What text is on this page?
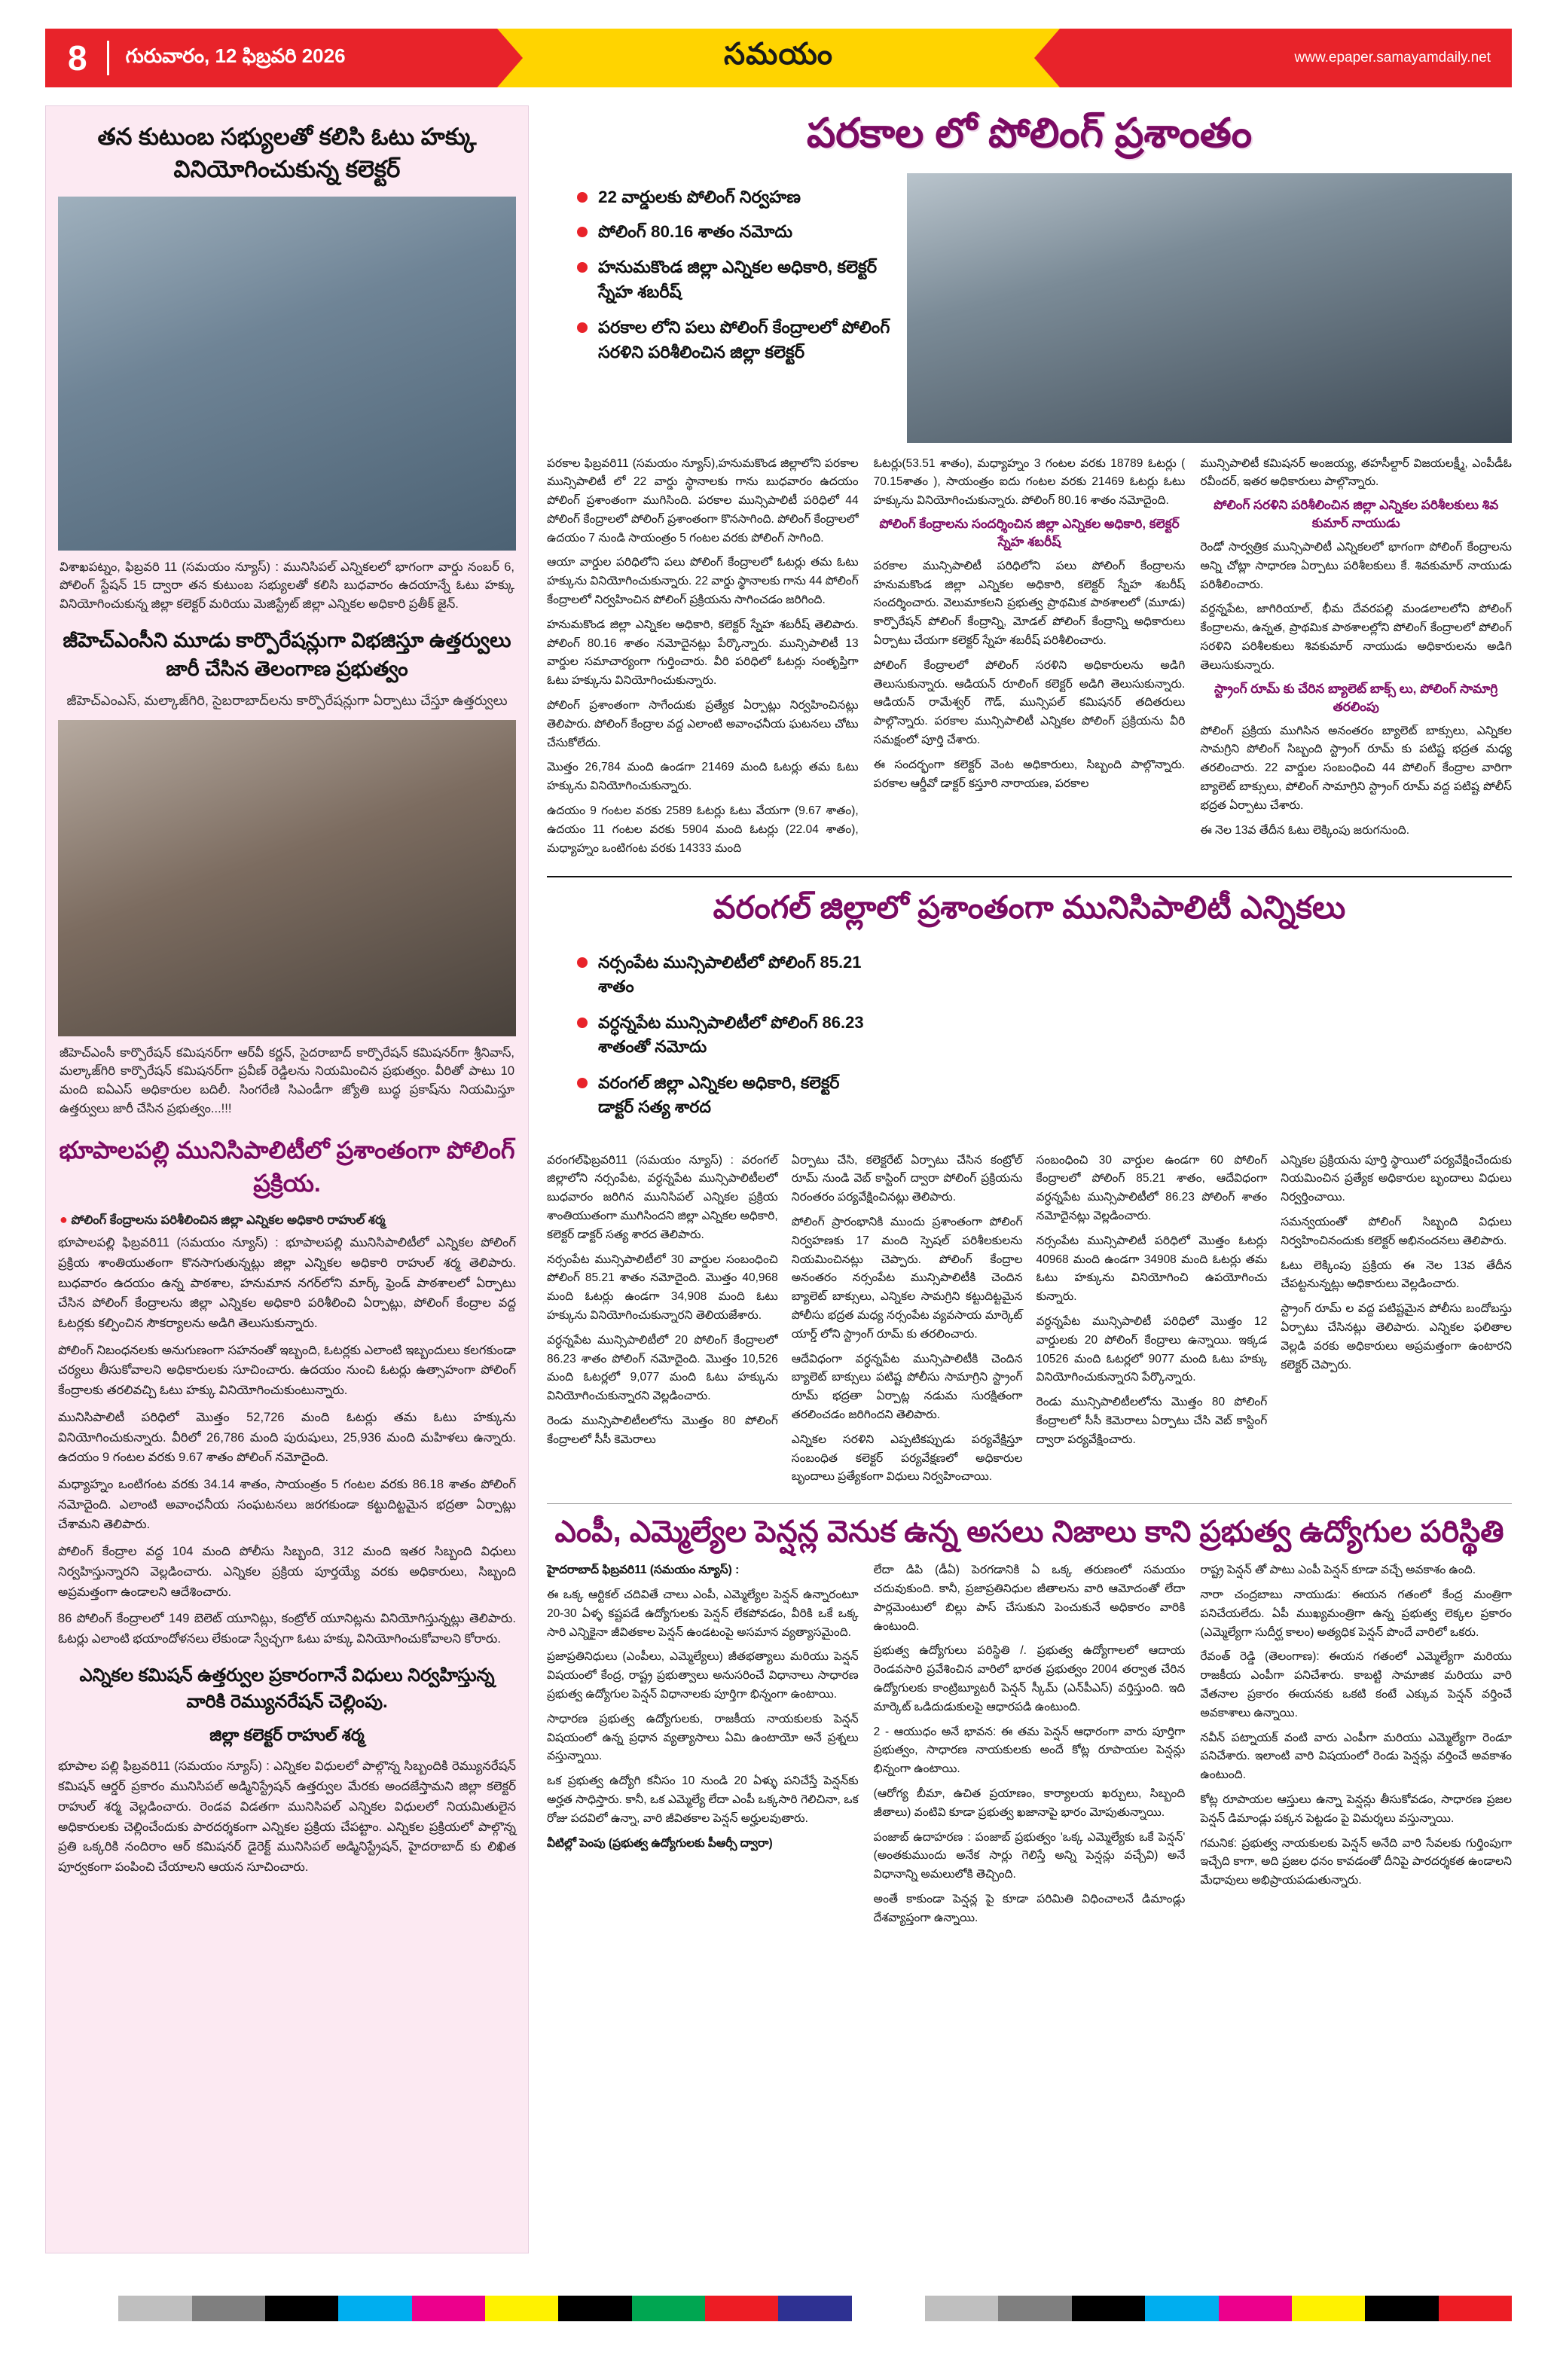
8	గురువారం, 12 ఫిబ్రవరి 2026	సమయం	www.epaper.samayamdaily.net
తన కుటుంబ సభ్యులతో కలిసి ఓటు హక్కు వినియోగించుకున్న కలెక్టర్
విశాఖపట్నం, ఫిబ్రవరి 11 (సమయం న్యూస్) : మునిసిపల్ ఎన్నికలలో భాగంగా వార్డు నంబర్ 6, పోలింగ్ స్టేషన్ 15 ద్వారా తన కుటుంబ సభ్యులతో కలిసి బుధవారం ఉదయాన్నే ఓటు హక్కు వినియోగించుకున్న జిల్లా కలెక్టర్ మరియు మెజిస్ట్రేట్ జిల్లా ఎన్నికల అధికారి ప్రతీక్ జైన్.
జీహెచ్‌ఎంసీని మూడు కార్పొరేషన్లుగా విభజిస్తూ ఉత్తర్వులు జారీ చేసిన తెలంగాణ ప్రభుత్వం
జీహెచ్‌ఎంఎస్, మల్కాజ్‌గిరి, సైబరాబాద్‌లను కార్పొరేషన్లుగా ఏర్పాటు చేస్తూ ఉత్తర్వులు
జీహెచ్‌ఎంసీ కార్పొరేషన్ కమిషనర్‌గా ఆర్‌వీ కర్ణన్, సైదరాబాద్ కార్పొరేషన్ కమిషనర్‌గా శ్రీనివాస్, మల్కాజ్‌గిరి కార్పొరేషన్ కమిషనర్‌గా ప్రవీణ్ రెడ్డిలను నియమించిన ప్రభుత్వం. వీరితో పాటు 10 మంది ఐఏఎస్ అధికారుల బదిలీ. సింగరేణి సిఎండీగా జ్యోతి బుద్ధ ప్రకాష్‌ను నియమిస్తూ ఉత్తర్వులు జారీ చేసిన ప్రభుత్వం...!!!
భూపాలపల్లి మునిసిపాలిటీలో ప్రశాంతంగా పోలింగ్ ప్రక్రియ.
● పోలింగ్ కేంద్రాలను పరిశీలించిన జిల్లా ఎన్నికల అధికారి రాహుల్ శర్మ

భూపాలపల్లి ఫిబ్రవరి11 (సమయం న్యూస్) : భూపాలపల్లి మునిసిపాలిటీలో ఎన్నికల పోలింగ్ ప్రక్రియ శాంతియుతంగా కొనసాగుతున్నట్లు జిల్లా ఎన్నికల అధికారి రాహుల్ శర్మ తెలిపారు. బుధవారం ఉదయం ఉన్న పాఠశాల, హనుమాన నగర్‌లోని మార్క్ ఫ్రెండ్ పాఠశాలలో ఏర్పాటు చేసిన పోలింగ్ కేంద్రాలను జిల్లా ఎన్నికల అధికారి పరిశీలించి ఏర్పాట్లు, పోలింగ్ కేంద్రాల వద్ద ఓటర్లకు కల్పించిన సౌకర్యాలను అడిగి తెలుసుకున్నారు.

పోలింగ్ నిబంధనలకు అనుగుణంగా సహనంతో ఇబ్బంది, ఓటర్లకు ఎలాంటి ఇబ్బందులు కలగకుండా చర్యలు తీసుకోవాలని అధికారులకు సూచించారు. ఉదయం నుంచి ఓటర్లు ఉత్సాహంగా పోలింగ్ కేంద్రాలకు తరలివచ్చి ఓటు హక్కు వినియోగించుకుంటున్నారు.

మునిసిపాలిటీ పరిధిలో మొత్తం 52,726 మంది ఓటర్లు తమ ఓటు హక్కును వినియోగించుకున్నారు. వీరిలో 26,786 మంది పురుషులు, 25,936 మంది మహిళలు ఉన్నారు. ఉదయం 9 గంటల వరకు 9.67 శాతం పోలింగ్ నమోదైంది.

మధ్యాహ్నం ఒంటిగంట వరకు 34.14 శాతం, సాయంత్రం 5 గంటల వరకు 86.18 శాతం పోలింగ్ నమోదైంది. ఎలాంటి అవాంఛనీయ సంఘటనలు జరగకుండా కట్టుదిట్టమైన భద్రతా ఏర్పాట్లు చేశామని తెలిపారు.

పోలింగ్ కేంద్రాల వద్ద 104 మంది పోలీసు సిబ్బంది, 312 మంది ఇతర సిబ్బంది విధులు నిర్వహిస్తున్నారని వెల్లడించారు. ఎన్నికల ప్రక్రియ పూర్తయ్యే వరకు అధికారులు, సిబ్బంది అప్రమత్తంగా ఉండాలని ఆదేశించారు.

86 పోలింగ్ కేంద్రాలలో 149 బెలెట్ యూనిట్లు, కంట్రోల్ యూనిట్లను వినియోగిస్తున్నట్లు తెలిపారు. ఓటర్లు ఎలాంటి భయాందోళనలు లేకుండా స్వేచ్ఛగా ఓటు హక్కు వినియోగించుకోవాలని కోరారు.

ఎన్నికల కమిషన్ ఉత్తర్వుల ప్రకారంగానే విధులు నిర్వహిస్తున్న వారికి రెమ్యునరేషన్ చెల్లింపు.
జిల్లా కలెక్టర్ రాహుల్ శర్మ

భూపాల పల్లి ఫిబ్రవరి11 (సమయం న్యూస్) : ఎన్నికల విధులలో పాల్గొన్న సిబ్బందికి రెమ్యునరేషన్ కమిషన్ ఆర్డర్ ప్రకారం మునిసిపల్ అడ్మినిస్ట్రేషన్ ఉత్తర్వుల మేరకు అందజేస్తామని జిల్లా కలెక్టర్ రాహుల్ శర్మ వెల్లడించారు. రెండవ విడతగా మునిసిపల్ ఎన్నికల విధులలో నియమితులైన అధికారులకు చెల్లించేందుకు పారదర్శకంగా ఎన్నికల ప్రక్రియ చేపట్టాం. ఎన్నికల ప్రక్రియలో పాల్గొన్న ప్రతి ఒక్కరికి నందిరాం ఆర్ కమిషనర్ డైరెక్ట్ మునిసిపల్ అడ్మినిస్ట్రేషన్, హైదరాబాద్ కు లిఖిత పూర్వకంగా పంపించి చేయాలని ఆయన సూచించారు.

పరకాల లో పోలింగ్ ప్రశాంతం
22 వార్డులకు పోలింగ్ నిర్వహణ
పోలింగ్ 80.16 శాతం నమోదు
హనుమకొండ జిల్లా ఎన్నికల అధికారి, కలెక్టర్ స్నేహ శబరీష్
పరకాల లోని పలు పోలింగ్ కేంద్రాలలో పోలింగ్ సరళిని పరిశీలించిన జిల్లా కలెక్టర్

పరకాల ఫిబ్రవరి11 (సమయం న్యూస్),హనుమకొండ జిల్లాలోని పరకాల మున్సిపాలిటీ లో 22 వార్డు స్థానాలకు గాను బుధవారం ఉదయం పోలింగ్ ప్రశాంతంగా ముగిసింది. పరకాల మున్సిపాలిటీ పరిధిలో 44 పోలింగ్ కేంద్రాలలో పోలింగ్ ప్రశాంతంగా కొనసాగింది. పోలింగ్ కేంద్రాలలో ఉదయం 7 నుండి సాయంత్రం 5 గంటల వరకు పోలింగ్ సాగింది.

ఆయా వార్డుల పరిధిలోని పలు పోలింగ్ కేంద్రాలలో ఓటర్లు తమ ఓటు హక్కును వినియోగించుకున్నారు. 22 వార్డు స్థానాలకు గాను 44 పోలింగ్ కేంద్రాలలో నిర్వహించిన పోలింగ్ ప్రక్రియను సాగించడం జరిగింది.

హనుమకొండ జిల్లా ఎన్నికల అధికారి, కలెక్టర్ స్నేహ శబరీష్ తెలిపారు. పోలింగ్ 80.16 శాతం నమోదైనట్లు పేర్కొన్నారు. మున్సిపాలిటీ 13 వార్డుల సమాచార్యంగా గుర్తించారు. వీరి పరిధిలో ఓటర్లు సంతృప్తిగా ఓటు హక్కును వినియోగించుకున్నారు.

పోలింగ్ ప్రశాంతంగా సాగేందుకు ప్రత్యేక ఏర్పాట్లు నిర్వహించినట్లు తెలిపారు. పోలింగ్ కేంద్రాల వద్ద ఎలాంటి అవాంఛనీయ ఘటనలు చోటు చేసుకోలేదు.

మొత్తం 26,784 మంది ఉండగా 21469 మంది ఓటర్లు తమ ఓటు హక్కును వినియోగించుకున్నారు.

ఉదయం 9 గంటల వరకు 2589 ఓటర్లు ఓటు వేయగా (9.67 శాతం), ఉదయం 11 గంటల వరకు 5904 మంది ఓటర్లు (22.04 శాతం), మధ్యాహ్నం ఒంటిగంట వరకు 14333 మంది

ఓటర్లు(53.51 శాతం), మధ్యాహ్నం 3 గంటల వరకు 18789 ఓటర్లు ( 70.15శాతం ), సాయంత్రం ఐదు గంటల వరకు 21469 ఓటర్లు ఓటు హక్కును వినియోగించుకున్నారు. పోలింగ్ 80.16 శాతం నమోదైంది.

పోలింగ్ కేంద్రాలను సందర్శించిన జిల్లా ఎన్నికల అధికారి, కలెక్టర్ స్నేహ శబరీష్

పరకాల మున్సిపాలిటీ పరిధిలోని పలు పోలింగ్ కేంద్రాలను హనుమకొండ జిల్లా ఎన్నికల అధికారి, కలెక్టర్ స్నేహ శబరీష్ సందర్శించారు. వెలుమాకలని ప్రభుత్వ ప్రాథమిక పాఠశాలలో (మూడు) కార్పొరేషన్ పోలింగ్ కేంద్రాన్ని, మోడల్ పోలింగ్ కేంద్రాన్ని అధికారులు ఏర్పాటు చేయగా కలెక్టర్ స్నేహ శబరీష్ పరిశీలించారు.

పోలింగ్ కేంద్రాలలో పోలింగ్ సరళిని అధికారులను అడిగి తెలుసుకున్నారు. ఆడియన్ రూలింగ్ కలెక్టర్ అడిగి తెలుసుకున్నారు. ఆడియన్ రామేశ్వర్ గౌడ్, మున్సిపల్ కమిషనర్ తదితరులు పాల్గొన్నారు. పరకాల మున్సిపాలిటీ ఎన్నికల పోలింగ్ ప్రక్రియను వీరి సమక్షంలో పూర్తి చేశారు.

ఈ సందర్భంగా కలెక్టర్ వెంట అధికారులు, సిబ్బంది పాల్గొన్నారు. పరకాల ఆర్డీవో డాక్టర్ కస్తూరి నారాయణ, పరకాల

మున్సిపాలిటీ కమిషనర్ అంజయ్య, తహసీల్దార్ విజయలక్ష్మీ, ఎంపీడీఓ రవీందర్, ఇతర అధికారులు పాల్గొన్నారు.

పోలింగ్ సరళిని పరిశీలించిన జిల్లా ఎన్నికల పరిశీలకులు శివ కుమార్ నాయుడు

రెండో సార్వత్రిక మున్సిపాలిటీ ఎన్నికలలో భాగంగా పోలింగ్ కేంద్రాలను అన్ని చోట్లా సాధారణ ఏర్పాటు పరిశీలకులు కే. శివకుమార్ నాయుడు పరిశీలించారు.

వర్దన్నపేట, జాగిరియాల్, భీమ దేవరపల్లి మండలాలలోని పోలింగ్ కేంద్రాలను, ఉన్నత, ప్రాథమిక పాఠశాలల్లోని పోలింగ్ కేంద్రాలలో పోలింగ్ సరళిని పరిశీలకులు శివకుమార్ నాయుడు అధికారులను అడిగి తెలుసుకున్నారు.

స్ట్రాంగ్ రూమ్ కు చేరిన బ్యాలెట్ బాక్స్ లు, పోలింగ్ సామాగ్రి తరలింపు

పోలింగ్ ప్రక్రియ ముగిసిన అనంతరం బ్యాలెట్ బాక్సులు, ఎన్నికల సామగ్రిని పోలింగ్ సిబ్బంది స్ట్రాంగ్ రూమ్ కు పటిష్ట భద్రత మధ్య తరలించారు. 22 వార్డుల సంబంధించి 44 పోలింగ్ కేంద్రాల వారిగా బ్యాలెట్ బాక్సులు, పోలింగ్ సామాగ్రిని స్ట్రాంగ్ రూమ్ వద్ద పటిష్ట పోలీస్ భద్రత ఏర్పాటు చేశారు.

ఈ నెల 13వ తేదీన ఓటు లెక్కింపు జరుగనుంది.

వరంగల్ జిల్లాలో ప్రశాంతంగా మునిసిపాలిటీ ఎన్నికలు
నర్సంపేట మున్సిపాలిటీలో పోలింగ్ 85.21 శాతం
వర్ధన్నపేట మున్సిపాలిటీలో పోలింగ్ 86.23 శాతంతో నమోదు
వరంగల్ జిల్లా ఎన్నికల అధికారి, కలెక్టర్ డాక్టర్ సత్య శారద

వరంగల్‌ఫిబ్రవరి11 (సమయం న్యూస్) : వరంగల్ జిల్లాలోని నర్సంపేట, వర్ధన్నపేట మున్సిపాలిటీలలో బుధవారం జరిగిన మునిసిపల్ ఎన్నికల ప్రక్రియ శాంతియుతంగా ముగిసిందని జిల్లా ఎన్నికల అధికారి, కలెక్టర్ డాక్టర్ సత్య శారద తెలిపారు.

నర్సంపేట మున్సిపాలిటీలో 30 వార్డుల సంబంధించి పోలింగ్ 85.21 శాతం నమోదైంది. మొత్తం 40,968 మంది ఓటర్లు ఉండగా 34,908 మంది ఓటు హక్కును వినియోగించుకున్నారని తెలియజేశారు.

వర్ధన్నపేట మున్సిపాలిటీలో 20 పోలింగ్ కేంద్రాలలో 86.23 శాతం పోలింగ్ నమోదైంది. మొత్తం 10,526 మంది ఓటర్లలో 9,077 మంది ఓటు హక్కును వినియోగించుకున్నారని వెల్లడించారు.

రెండు మున్సిపాలిటీలలోను మొత్తం 80 పోలింగ్ కేంద్రాలలో సీసీ కెమెరాలు

ఏర్పాటు చేసి, కలెక్టరేట్ ఏర్పాటు చేసిన కంట్రోల్ రూమ్ నుండి వెబ్ కాస్టింగ్ ద్వారా పోలింగ్ ప్రక్రియను నిరంతరం పర్యవేక్షించినట్లు తెలిపారు.

పోలింగ్ ప్రారంభానికి ముందు ప్రశాంతంగా పోలింగ్ నిర్వహణకు 17 మంది స్పెషల్ పరిశీలకులను నియమించినట్లు చెప్పారు. పోలింగ్ కేంద్రాల అనంతరం నర్సంపేట మున్సిపాలిటీకి చెందిన బ్యాలెట్ బాక్సులు, ఎన్నికల సామగ్రిని కట్టుదిట్టమైన పోలీసు భద్రత మధ్య నర్సంపేట వ్యవసాయ మార్కెట్ యార్డ్ లోని స్ట్రాంగ్ రూమ్ కు తరలించారు.

ఆదేవిధంగా వర్ధన్నపేట మున్సిపాలిటీకి చెందిన బ్యాలెట్ బాక్సులు పటిష్ట పోలీసు సామాగ్రిని స్ట్రాంగ్ రూమ్ భద్రతా ఏర్పాట్ల నడుమ సురక్షితంగా తరలించడం జరిగిందని తెలిపారు.

ఎన్నికల సరళిని ఎప్పటికప్పుడు పర్యవేక్షిస్తూ సంబంధిత కలెక్టర్ పర్యవేక్షణలో అధికారుల బృందాలు ప్రత్యేకంగా విధులు నిర్వహించాయి.

సంబంధించి 30 వార్డుల ఉండగా 60 పోలింగ్ కేంద్రాలలో పోలింగ్ 85.21 శాతం, ఆదేవిధంగా వర్ధన్నపేట మున్సిపాలిటీలో 86.23 పోలింగ్ శాతం నమోదైనట్లు వెల్లడించారు.

నర్సంపేట మున్సిపాలిటీ పరిధిలో మొత్తం ఓటర్లు 40968 మంది ఉండగా 34908 మంది ఓటర్లు తమ ఓటు హక్కును వినియోగించి ఉపయోగించు కున్నారు.

వర్ధన్నపేట మున్సిపాలిటీ పరిధిలో మొత్తం 12 వార్డులకు 20 పోలింగ్ కేంద్రాలు ఉన్నాయి. ఇక్కడ 10526 మంది ఓటర్లలో 9077 మంది ఓటు హక్కు వినియోగించుకున్నారని పేర్కొన్నారు.

రెండు మున్సిపాలిటీలలోను మొత్తం 80 పోలింగ్ కేంద్రాలలో సీసీ కెమెరాలు ఏర్పాటు చేసి వెబ్ కాస్టింగ్ ద్వారా పర్యవేక్షించారు.

ఎన్నికల ప్రక్రియను పూర్తి స్థాయిలో పర్యవేక్షించేందుకు నియమించిన ప్రత్యేక అధికారుల బృందాలు విధులు నిర్వర్తించాయి.

సమన్వయంతో పోలింగ్ సిబ్బంది విధులు నిర్వహించినందుకు కలెక్టర్ అభినందనలు తెలిపారు.

ఓటు లెక్కింపు ప్రక్రియ ఈ నెల 13వ తేదీన చేపట్టనున్నట్లు అధికారులు వెల్లడించారు.

స్ట్రాంగ్ రూమ్ ల వద్ద పటిష్టమైన పోలీసు బందోబస్తు ఏర్పాటు చేసినట్లు తెలిపారు. ఎన్నికల ఫలితాల వెల్లడి వరకు అధికారులు అప్రమత్తంగా ఉంటారని కలెక్టర్ చెప్పారు.

ఎంపీ, ఎమ్మెల్యేల పెన్షన్ల వెనుక ఉన్న అసలు నిజాలు కాని ప్రభుత్వ ఉద్యోగుల పరిస్థితి

హైదరాబాద్ ఫిబ్రవరి11 (సమయం న్యూస్) :

ఈ ఒక్క ఆర్టికల్ చదివితే చాలు ఎంపీ, ఎమ్మెల్యేల పెన్షన్ ఉన్నారంటూ 20-30 ఏళ్ళ కష్టపడే ఉద్యోగులకు పెన్షన్ లేకపోవడం, వీరికి ఒకే ఒక్క సారి ఎన్నికైనా జీవితకాల పెన్షన్ ఉండటంపై అసమాన వ్యత్యాసమైంది.

ప్రజాప్రతినిధులు (ఎంపీలు, ఎమ్మెల్యేలు) జీతభత్యాలు మరియు పెన్షన్ విషయంలో కేంద్ర, రాష్ట్ర ప్రభుత్వాలు అనుసరించే విధానాలు సాధారణ ప్రభుత్వ ఉద్యోగుల పెన్షన్ విధానాలకు పూర్తిగా భిన్నంగా ఉంటాయి.

సాధారణ ప్రభుత్వ ఉద్యోగులకు, రాజకీయ నాయకులకు పెన్షన్ విషయంలో ఉన్న ప్రధాన వ్యత్యాసాలు ఏమి ఉంటాయో అనే ప్రశ్నలు వస్తున్నాయి.

ఒక ప్రభుత్వ ఉద్యోగి కనీసం 10 నుండి 20 ఏళ్ళు పనిచేస్తే పెన్షన్‌కు అర్హత సాధిస్తారు. కానీ, ఒక ఎమ్మెల్యే లేదా ఎంపీ ఒక్కసారి గెలిచినా, ఒక రోజు పదవిలో ఉన్నా, వారి జీవితకాల పెన్షన్ అర్హులవుతారు.

వీటిల్లో పెంపు (ప్రభుత్వ ఉద్యోగులకు పీఆర్సీ ద్వారా)

లేదా డిపి (డీఏ) పెరగడానికి ఏ ఒక్క తరుణంలో సమయం చదువుకుంది. కానీ, ప్రజాప్రతినిధుల జీతాలను వారి ఆమోదంతో లేదా పార్లమెంటులో బిల్లు పాస్ చేసుకుని పెంచుకునే అధికారం వారికి ఉంటుంది.

ప్రభుత్వ ఉద్యోగులు పరిస్థితి /. ప్రభుత్వ ఉద్యోగాలలో ఆదాయ రెండవసారి ప్రవేశించిన వారిలో భారత ప్రభుత్వం 2004 తర్వాత చేరిన ఉద్యోగులకు కాంట్రిబ్యూటరీ పెన్షన్ స్కీమ్ (ఎన్‌పీఎస్) వర్తిస్తుంది. ఇది మార్కెట్ ఒడిదుడుకులపై ఆధారపడి ఉంటుంది.

2 - ఆయుధం అనే భావన: ఈ తమ పెన్షన్ ఆధారంగా వారు పూర్తిగా ప్రభుత్వం, సాధారణ నాయకులకు అందే కోట్ల రూపాయల పెన్షన్లు భిన్నంగా ఉంటాయి.

(ఆరోగ్య బీమా, ఉచిత ప్రయాణం, కార్యాలయ ఖర్చులు, సిబ్బంది జీతాలు) వంటివి కూడా ప్రభుత్వ ఖజానాపై భారం మోపుతున్నాయి.

పంజాబ్ ఉదాహరణ : పంజాబ్ ప్రభుత్వం 'ఒక్క ఎమ్మెల్యేకు ఒకే పెన్షన్' (అంతకుముందు అనేక సార్లు గెలిస్తే అన్ని పెన్షన్లు వచ్చేవి) అనే విధానాన్ని అమలులోకి తెచ్చింది.

అంతే కాకుండా పెన్షన్ల పై కూడా పరిమితి విధించాలనే డిమాండ్లు దేశవ్యాప్తంగా ఉన్నాయి.

రాష్ట్ర పెన్షన్ తో పాటు ఎంపీ పెన్షన్ కూడా వచ్చే అవకాశం ఉంది.

నారా చంద్రబాబు నాయుడు: ఈయన గతంలో కేంద్ర మంత్రిగా పనిచేయలేదు. ఏపీ ముఖ్యమంత్రిగా ఉన్న ప్రభుత్వ లెక్కల ప్రకారం (ఎమ్మెల్యేగా సుదీర్ఘ కాలం) అత్యధిక పెన్షన్ పొందే వారిలో ఒకరు.

రేవంత్ రెడ్డి (తెలంగాణ): ఈయన గతంలో ఎమ్మెల్యేగా మరియు రాజకీయ ఎంపీగా పనిచేశారు. కాబట్టి సామాజిక మరియు వారి వేతనాల ప్రకారం ఈయనకు ఒకటి కంటే ఎక్కువ పెన్షన్ వర్తించే అవకాశాలు ఉన్నాయి.

నవీన్ పట్నాయక్ వంటి వారు ఎంపీగా మరియు ఎమ్మెల్యేగా రెండూ పనిచేశారు. ఇలాంటి వారి విషయంలో రెండు పెన్షన్లు వర్తించే అవకాశం ఉంటుంది.

కోట్ల రూపాయల ఆస్తులు ఉన్నా పెన్షన్లు తీసుకోవడం, సాధారణ ప్రజల పెన్షన్ డిమాండ్లు పక్కన పెట్టడం పై విమర్శలు వస్తున్నాయి.

గమనిక: ప్రభుత్వ నాయకులకు పెన్షన్ అనేది వారి సేవలకు గుర్తింపుగా ఇచ్చేది కాగా, అది ప్రజల ధనం కావడంతో దీనిపై పారదర్శకత ఉండాలని మేధావులు అభిప్రాయపడుతున్నారు.
